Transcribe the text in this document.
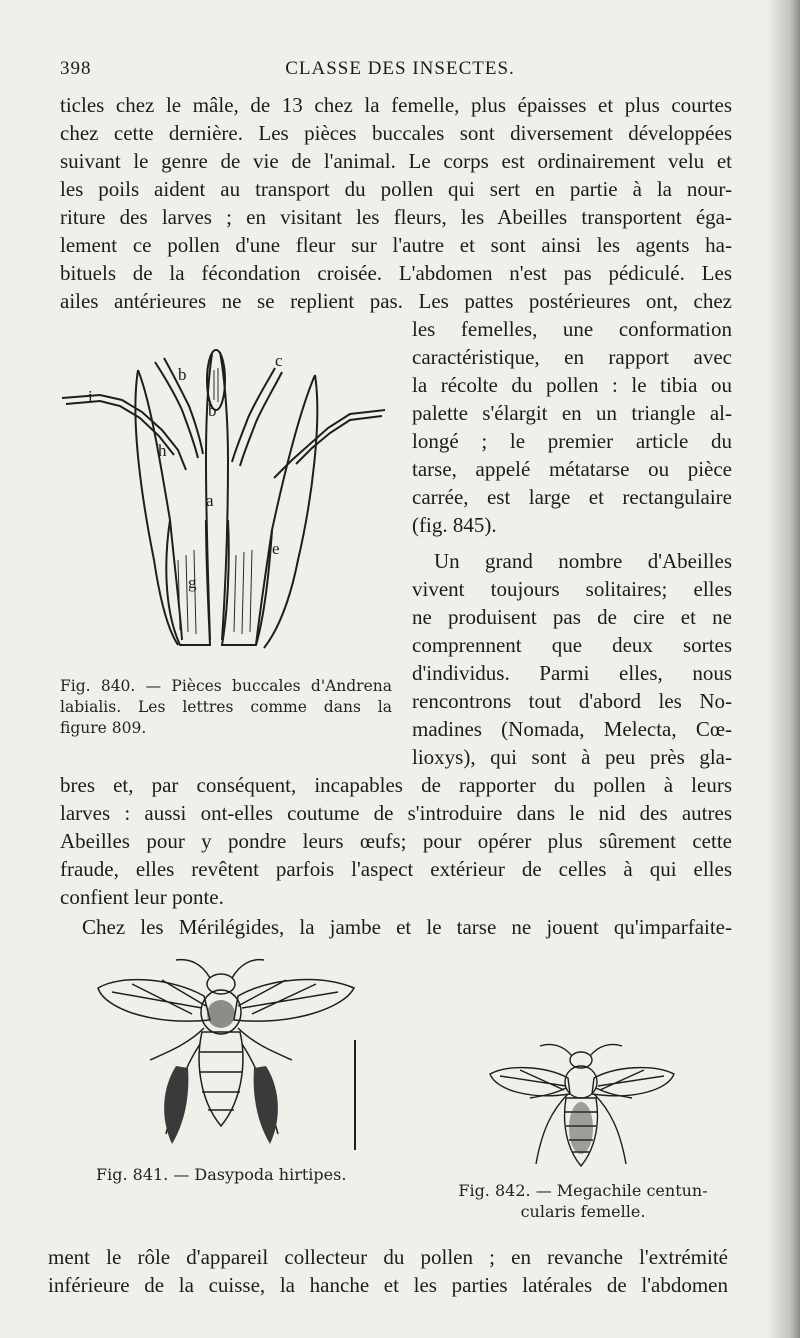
398	CLASSE DES INSECTES.
ticles chez le mâle, de 13 chez la femelle, plus épaisses et plus courtes
chez cette dernière. Les pièces buccales sont diversement développées
suivant le genre de vie de l'animal. Le corps est ordinairement velu et
les poils aident au transport du pollen qui sert en partie à la nour-
riture des larves ; en visitant les fleurs, les Abeilles transportent éga-
lement ce pollen d'une fleur sur l'autre et sont ainsi les agents ha-
bituels de la fécondation croisée. L'abdomen n'est pas pédiculé. Les
ailes antérieures ne se replient pas. Les pattes postérieures ont, chez
les femelles, une conformation
caractéristique, en rapport avec
la récolte du pollen : le tibia ou
palette s'élargit en un triangle al-
longé ; le premier article du
tarse, appelé métatarse ou pièce
carrée, est large et rectangulaire
(fig. 845).
Un grand nombre d'Abeilles
vivent toujours solitaires; elles
ne produisent pas de cire et ne
comprennent que deux sortes
d'individus. Parmi elles, nous
rencontrons tout d'abord les No-
madines (Nomada, Melecta, Cœ-
lioxys), qui sont à peu près gla-
i
b
b
c
h
a
e
g
Fig. 840. — Pièces buccales d'Andrena
labialis. Les lettres comme dans la
figure 809.
bres et, par conséquent, incapables de rapporter du pollen à leurs
larves : aussi ont-elles coutume de s'introduire dans le nid des autres
Abeilles pour y pondre leurs œufs; pour opérer plus sûrement cette
fraude, elles revêtent parfois l'aspect extérieur de celles à qui elles
confient leur ponte.
Chez les Mérilégides, la jambe et le tarse ne jouent qu'imparfaite-
Fig. 841. — Dasypoda hirtipes.
Fig. 842. — Megachile centun-
cularis femelle.
ment le rôle d'appareil collecteur du pollen ; en revanche l'extrémité
inférieure de la cuisse, la hanche et les parties latérales de l'abdomen
